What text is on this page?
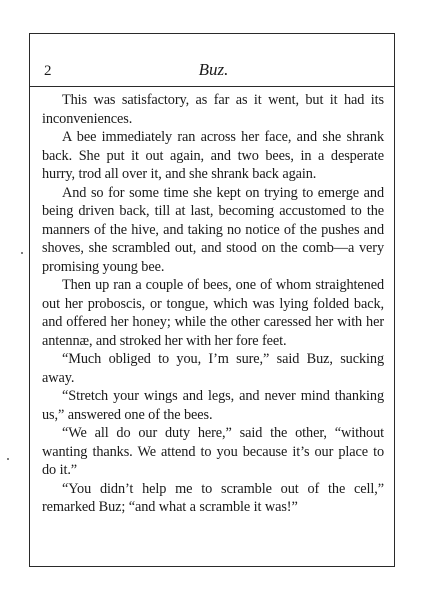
2	Buz.

This was satisfactory, as far as it went, but it had its inconveniences.

A bee immediately ran across her face, and she shrank back. She put it out again, and two bees, in a desperate hurry, trod all over it, and she shrank back again.

And so for some time she kept on trying to emerge and being driven back, till at last, becoming accustomed to the manners of the hive, and taking no notice of the pushes and shoves, she scrambled out, and stood on the comb—a very promising young bee.

Then up ran a couple of bees, one of whom straightened out her proboscis, or tongue, which was lying folded back, and offered her honey; while the other caressed her with her antennæ, and stroked her with her fore feet.

“Much obliged to you, I’m sure,” said Buz, sucking away.

“Stretch your wings and legs, and never mind thanking us,” answered one of the bees.

“We all do our duty here,” said the other, “without wanting thanks. We attend to you because it’s our place to do it.”

“You didn’t help me to scramble out of the cell,” remarked Buz; “and what a scramble it was!”
